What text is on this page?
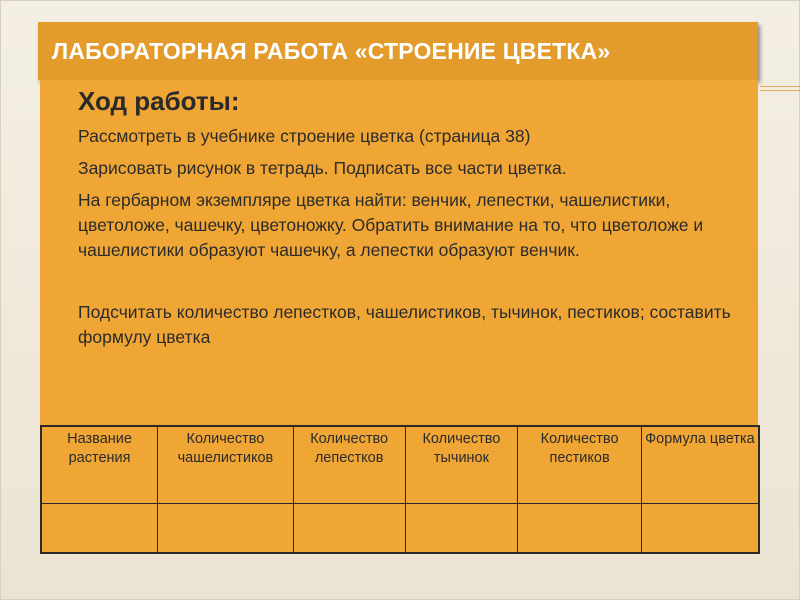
ЛАБОРАТОРНАЯ РАБОТА «СТРОЕНИЕ ЦВЕТКА»
Ход работы:
Рассмотреть в учебнике строение цветка (страница 38)
Зарисовать рисунок в тетрадь. Подписать все части цветка.
На гербарном экземпляре цветка найти: венчик, лепестки, чашелистики, цветоложе, чашечку, цветоножку. Обратить внимание на то, что цветоложе и чашелистики образуют чашечку, а лепестки образуют венчик.
Подсчитать количество лепестков, чашелистиков, тычинок, пестиков; составить формулу цветка
Название растения	Количество чашелистиков	Количество лепестков	Количество тычинок	Количество пестиков	Формула цветка
